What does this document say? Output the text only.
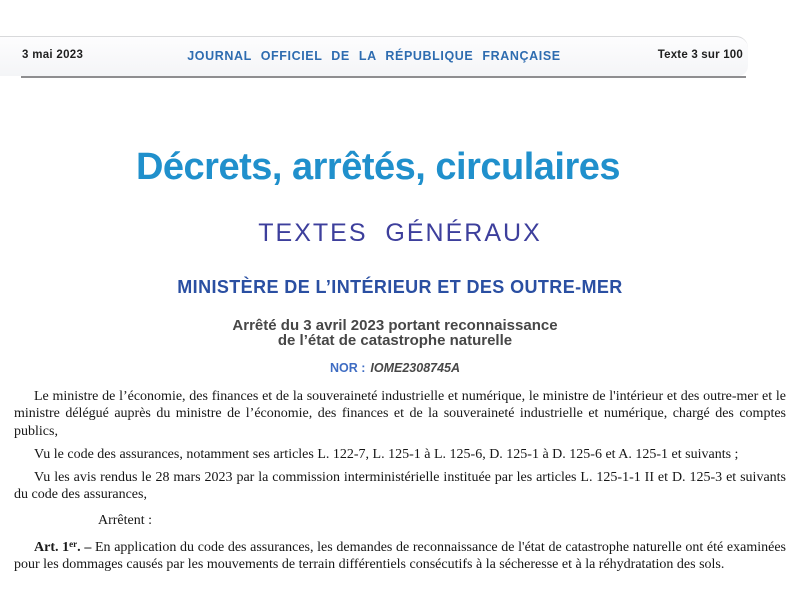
3 mai 2023	JOURNAL OFFICIEL DE LA RÉPUBLIQUE FRANÇAISE	Texte 3 sur 100
Décrets, arrêtés, circulaires
TEXTES GÉNÉRAUX
MINISTÈRE DE L’INTÉRIEUR ET DES OUTRE-MER
Arrêté du 3 avril 2023 portant reconnaissance
de l’état de catastrophe naturelle
NOR : IOME2308745A

Le ministre de l’économie, des finances et de la souveraineté industrielle et numérique, le ministre de l'intérieur et des outre-mer et le ministre délégué auprès du ministre de l’économie, des finances et de la souveraineté industrielle et numérique, chargé des comptes publics,

Vu le code des assurances, notamment ses articles L. 122-7, L. 125-1 à L. 125-6, D. 125-1 à D. 125-6 et A. 125-1 et suivants ;

Vu les avis rendus le 28 mars 2023 par la commission interministérielle instituée par les articles L. 125-1-1 II et D. 125-3 et suivants du code des assurances,

Arrêtent :

Art. 1er. – En application du code des assurances, les demandes de reconnaissance de l'état de catastrophe naturelle ont été examinées pour les dommages causés par les mouvements de terrain différentiels consécutifs à la sécheresse et à la réhydratation des sols.
